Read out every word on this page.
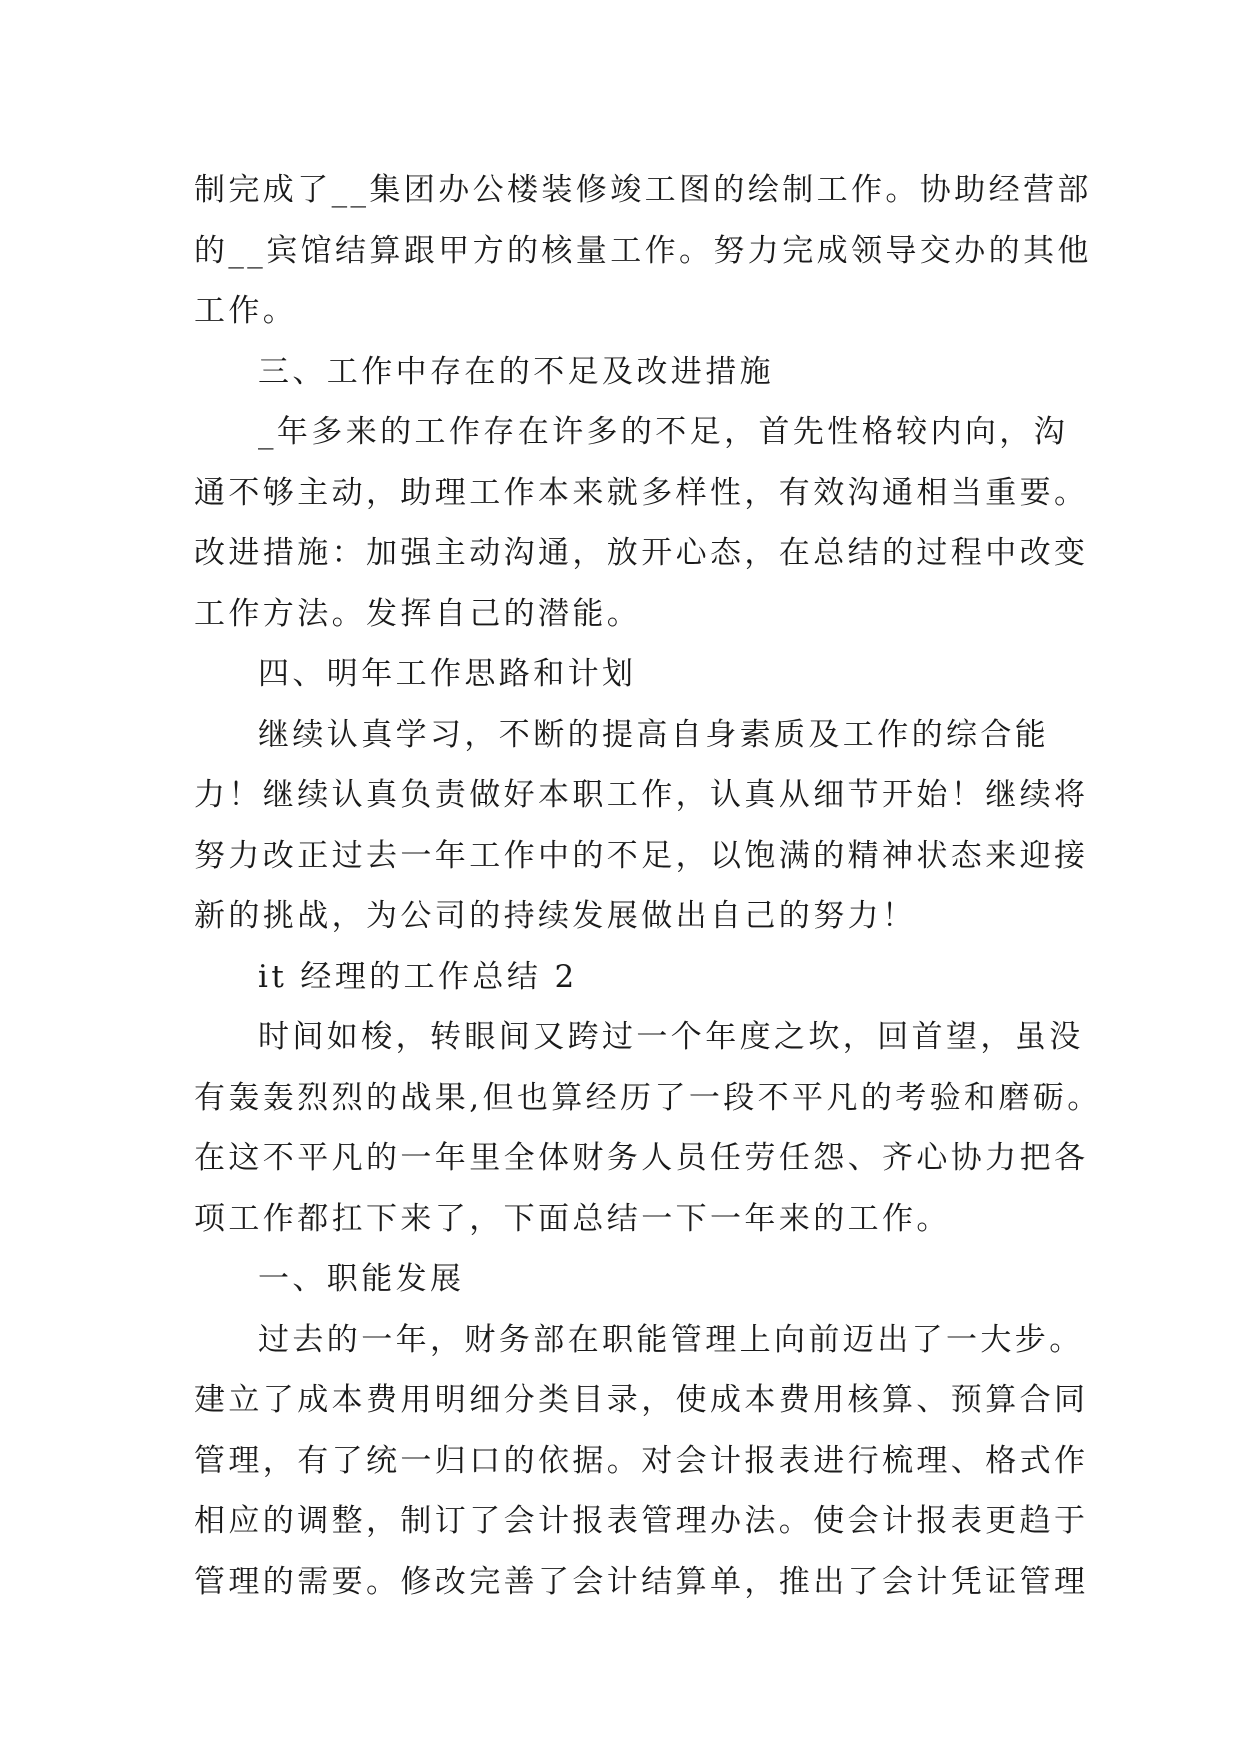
制完成了__集团办公楼装修竣工图的绘制工作。协助经营部
的__宾馆结算跟甲方的核量工作。努力完成领导交办的其他
工作。
三、工作中存在的不足及改进措施
_年多来的工作存在许多的不足，首先性格较内向，沟
通不够主动，助理工作本来就多样性，有效沟通相当重要。
改进措施：加强主动沟通，放开心态，在总结的过程中改变
工作方法。发挥自己的潜能。
四、明年工作思路和计划
继续认真学习，不断的提高自身素质及工作的综合能
力！继续认真负责做好本职工作，认真从细节开始！继续将
努力改正过去一年工作中的不足，以饱满的精神状态来迎接
新的挑战，为公司的持续发展做出自己的努力！
it 经理的工作总结 2
时间如梭，转眼间又跨过一个年度之坎，回首望，虽没
有轰轰烈烈的战果,但也算经历了一段不平凡的考验和磨砺。
在这不平凡的一年里全体财务人员任劳任怨、齐心协力把各
项工作都扛下来了，下面总结一下一年来的工作。
一、职能发展
过去的一年，财务部在职能管理上向前迈出了一大步。
建立了成本费用明细分类目录，使成本费用核算、预算合同
管理，有了统一归口的依据。对会计报表进行梳理、格式作
相应的调整，制订了会计报表管理办法。使会计报表更趋于
管理的需要。修改完善了会计结算单，推出了会计凭证管理
